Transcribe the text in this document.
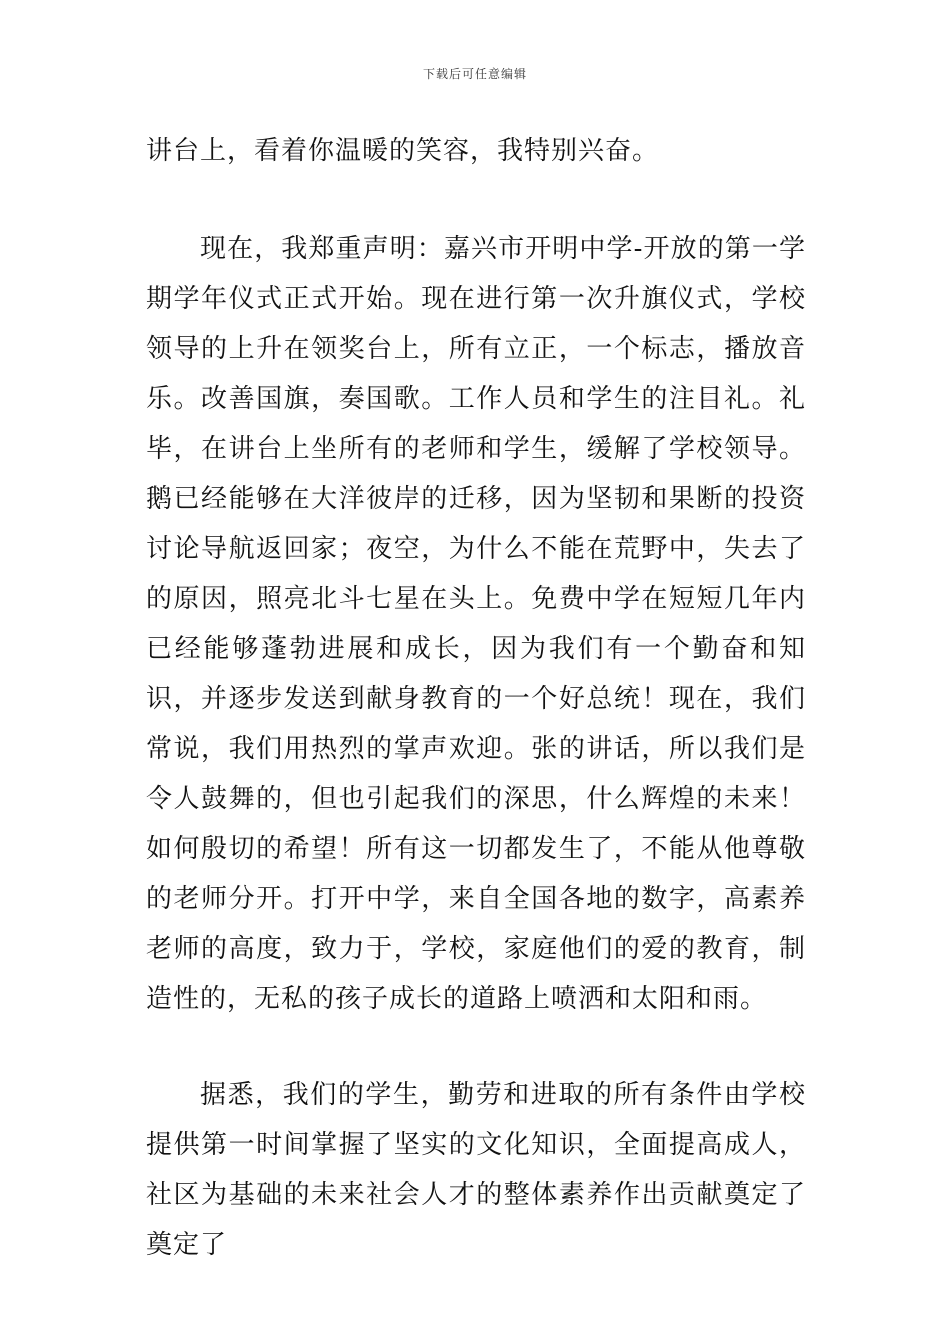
下载后可任意编辑

讲台上，看着你温暖的笑容，我特别兴奋。

现在，我郑重声明：嘉兴市开明中学-开放的第一学期学年仪式正式开始。现在进行第一次升旗仪式，学校领导的上升在领奖台上，所有立正，一个标志，播放音乐。改善国旗，奏国歌。工作人员和学生的注目礼。礼毕，在讲台上坐所有的老师和学生，缓解了学校领导。鹅已经能够在大洋彼岸的迁移，因为坚韧和果断的投资讨论导航返回家；夜空，为什么不能在荒野中，失去了的原因，照亮北斗七星在头上。免费中学在短短几年内已经能够蓬勃进展和成长，因为我们有一个勤奋和知识，并逐步发送到献身教育的一个好总统！现在，我们常说，我们用热烈的掌声欢迎。张的讲话，所以我们是令人鼓舞的，但也引起我们的深思，什么辉煌的未来！如何殷切的希望！所有这一切都发生了，不能从他尊敬的老师分开。打开中学，来自全国各地的数字，高素养老师的高度，致力于，学校，家庭他们的爱的教育，制造性的，无私的孩子成长的道路上喷洒和太阳和雨。

据悉，我们的学生，勤劳和进取的所有条件由学校提供第一时间掌握了坚实的文化知识，全面提高成人，社区为基础的未来社会人才的整体素养作出贡献奠定了奠定了
